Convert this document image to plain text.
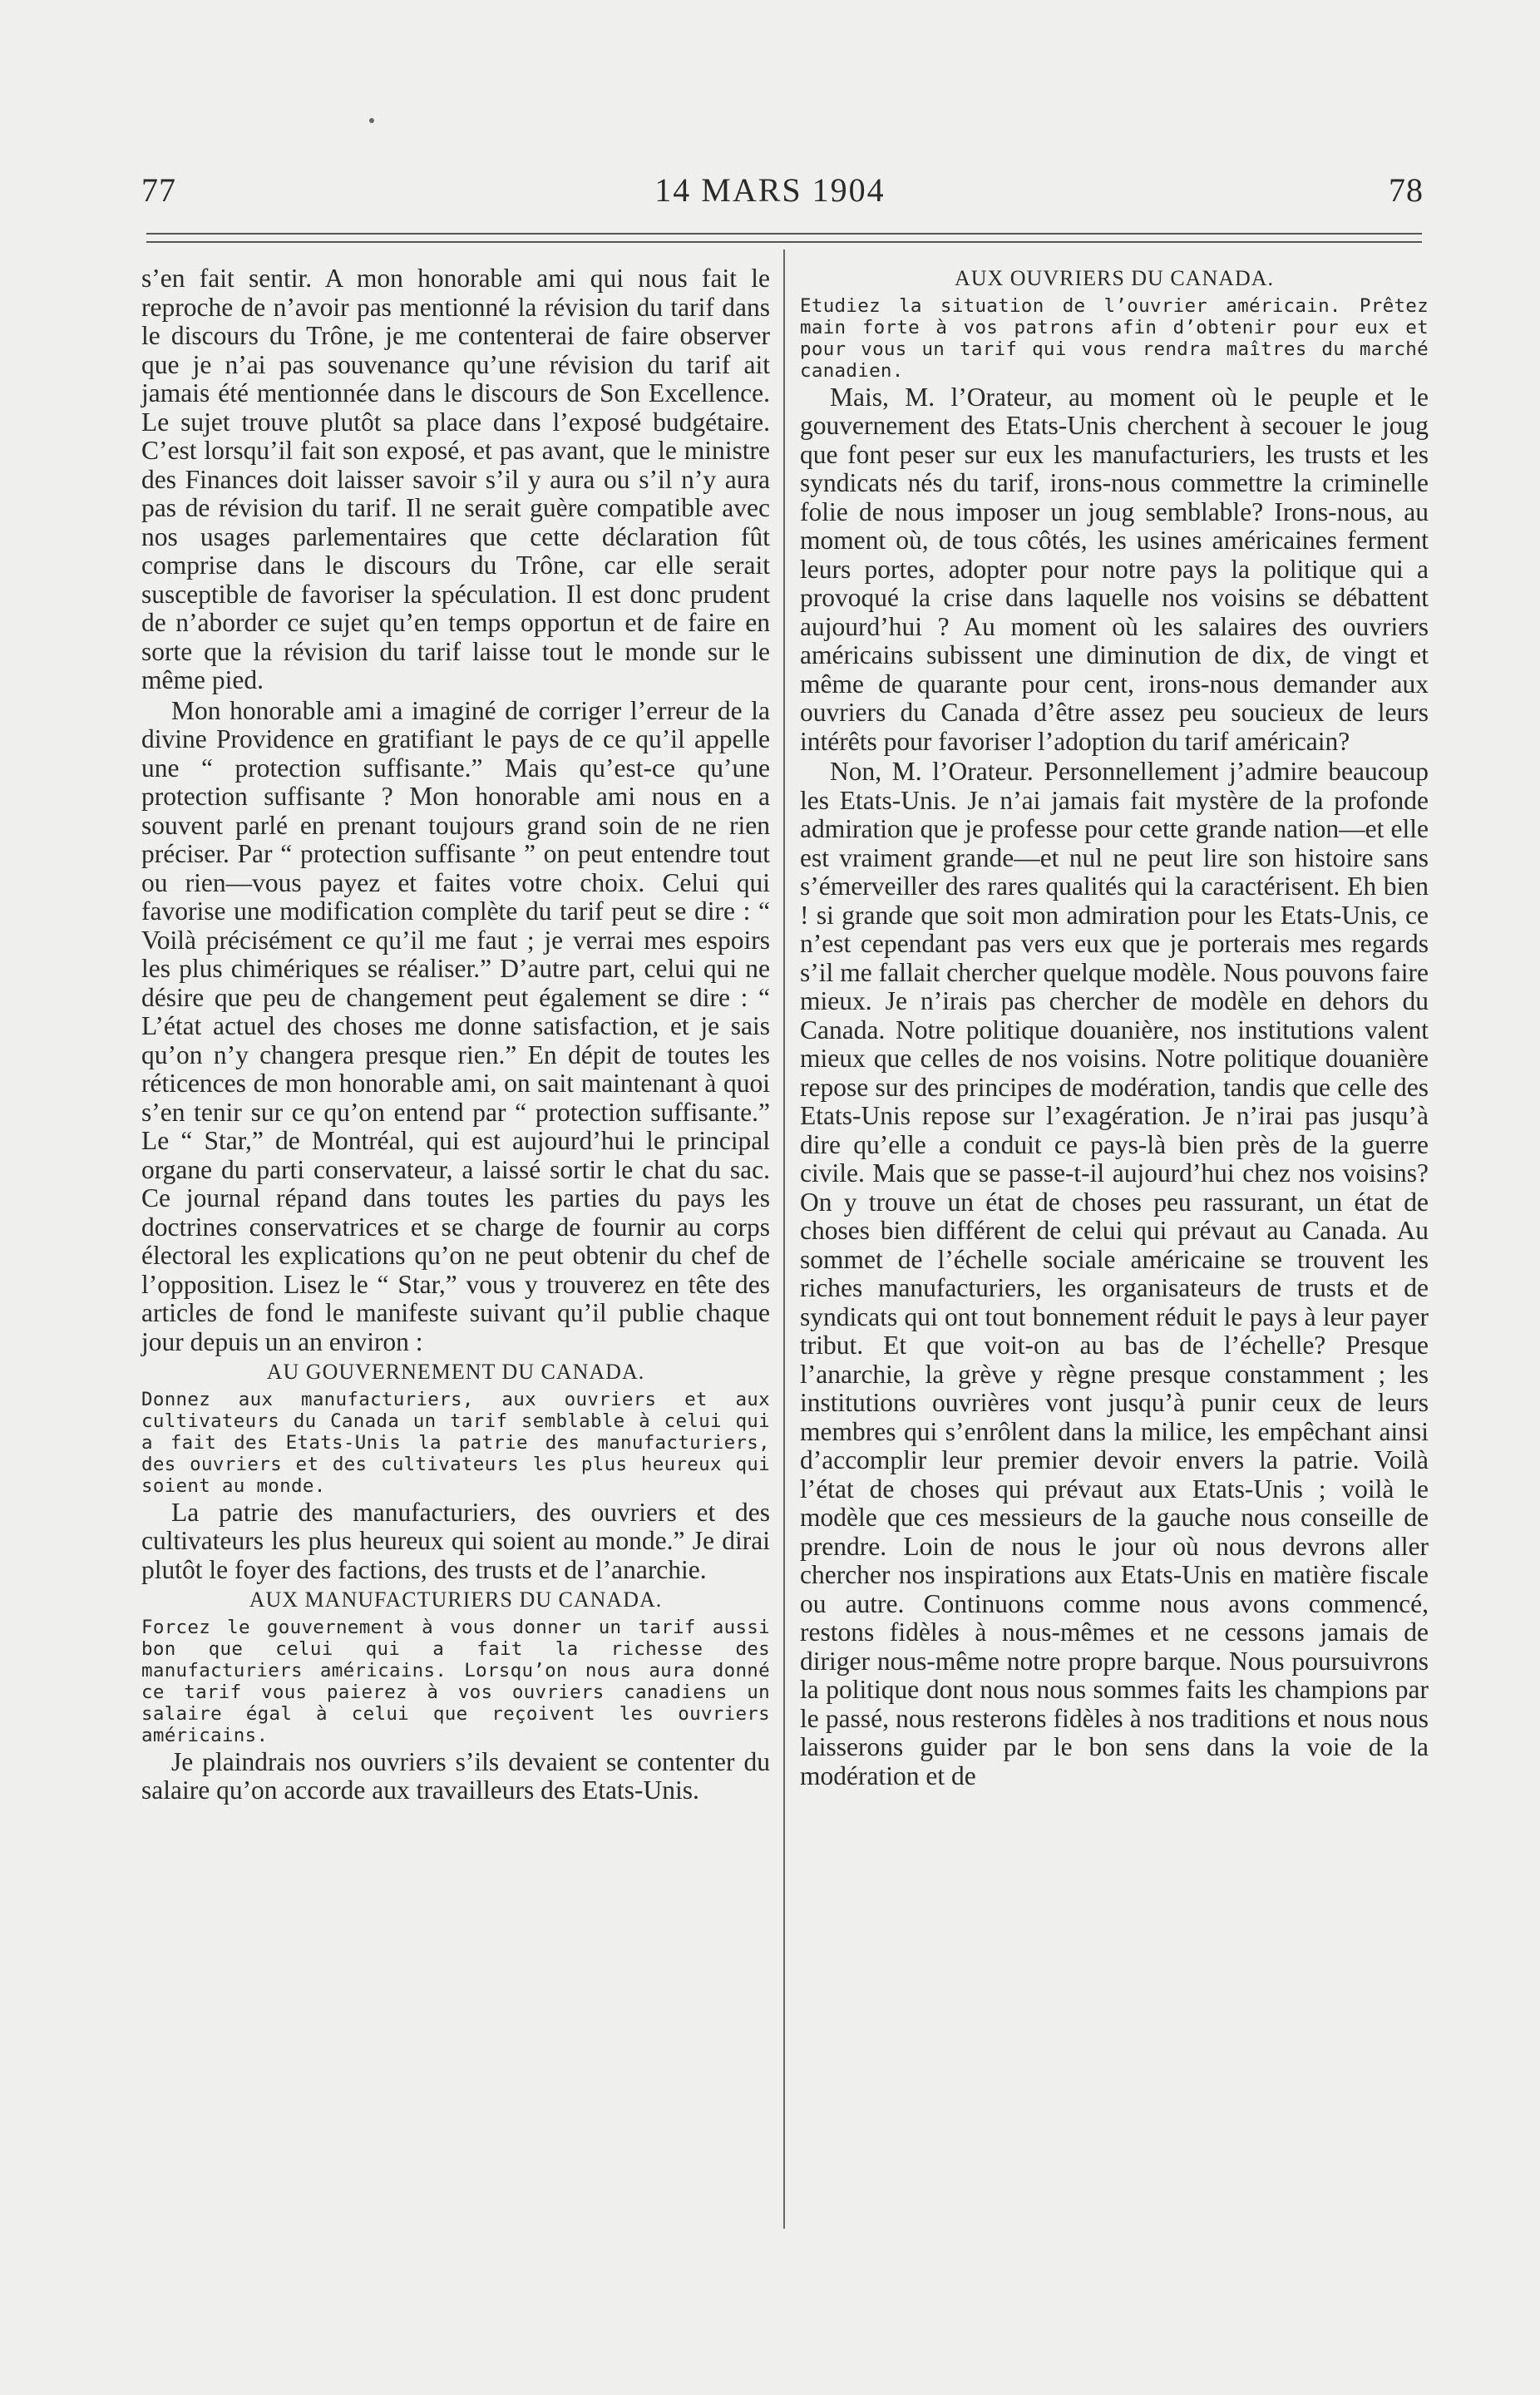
77	14 MARS 1904	78

s’en fait sentir. A mon honorable ami qui nous fait le reproche de n’avoir pas mentionné la révision du tarif dans le discours du Trône, je me contenterai de faire observer que je n’ai pas souvenance qu’une révision du tarif ait jamais été mentionnée dans le discours de Son Excellence. Le sujet trouve plutôt sa place dans l’exposé budgétaire. C’est lorsqu’il fait son exposé, et pas avant, que le ministre des Finances doit laisser savoir s’il y aura ou s’il n’y aura pas de révision du tarif. Il ne serait guère compatible avec nos usages parlementaires que cette déclaration fût comprise dans le discours du Trône, car elle serait susceptible de favoriser la spéculation. Il est donc prudent de n’aborder ce sujet qu’en temps opportun et de faire en sorte que la révision du tarif laisse tout le monde sur le même pied.

Mon honorable ami a imaginé de corriger l’erreur de la divine Providence en gratifiant le pays de ce qu’il appelle une “ protection suffisante.” Mais qu’est-ce qu’une protection suffisante ? Mon honorable ami nous en a souvent parlé en prenant toujours grand soin de ne rien préciser. Par “ protection suffisante ” on peut entendre tout ou rien—vous payez et faites votre choix. Celui qui favorise une modification complète du tarif peut se dire : “ Voilà précisément ce qu’il me faut ; je verrai mes espoirs les plus chimériques se réaliser.” D’autre part, celui qui ne désire que peu de changement peut également se dire : “ L’état actuel des choses me donne satisfaction, et je sais qu’on n’y changera presque rien.” En dépit de toutes les réticences de mon honorable ami, on sait maintenant à quoi s’en tenir sur ce qu’on entend par “ protection suffisante.” Le “ Star,” de Montréal, qui est aujourd’hui le principal organe du parti conservateur, a laissé sortir le chat du sac. Ce journal répand dans toutes les parties du pays les doctrines conservatrices et se charge de fournir au corps électoral les explications qu’on ne peut obtenir du chef de l’opposition. Lisez le “ Star,” vous y trouverez en tête des articles de fond le manifeste suivant qu’il publie chaque jour depuis un an environ :

AU GOUVERNEMENT DU CANADA.

Donnez aux manufacturiers, aux ouvriers et aux cultivateurs du Canada un tarif semblable à celui qui a fait des Etats-Unis la patrie des manufacturiers, des ouvriers et des cultivateurs les plus heureux qui soient au monde.

La patrie des manufacturiers, des ouvriers et des cultivateurs les plus heureux qui soient au monde.” Je dirai plutôt le foyer des factions, des trusts et de l’anarchie.

AUX MANUFACTURIERS DU CANADA.

Forcez le gouvernement à vous donner un tarif aussi bon que celui qui a fait la richesse des manufacturiers américains. Lorsqu’on nous aura donné ce tarif vous paierez à vos ouvriers canadiens un salaire égal à celui que reçoivent les ouvriers américains.

Je plaindrais nos ouvriers s’ils devaient se contenter du salaire qu’on accorde aux travailleurs des Etats-Unis.

AUX OUVRIERS DU CANADA.

Etudiez la situation de l’ouvrier américain. Prêtez main forte à vos patrons afin d’obtenir pour eux et pour vous un tarif qui vous rendra maîtres du marché canadien.

Mais, M. l’Orateur, au moment où le peuple et le gouvernement des Etats-Unis cherchent à secouer le joug que font peser sur eux les manufacturiers, les trusts et les syndicats nés du tarif, irons-nous commettre la criminelle folie de nous imposer un joug semblable? Irons-nous, au moment où, de tous côtés, les usines américaines ferment leurs portes, adopter pour notre pays la politique qui a provoqué la crise dans laquelle nos voisins se débattent aujourd’hui ? Au moment où les salaires des ouvriers américains subissent une diminution de dix, de vingt et même de quarante pour cent, irons-nous demander aux ouvriers du Canada d’être assez peu soucieux de leurs intérêts pour favoriser l’adoption du tarif américain?

Non, M. l’Orateur. Personnellement j’admire beaucoup les Etats-Unis. Je n’ai jamais fait mystère de la profonde admiration que je professe pour cette grande nation—et elle est vraiment grande—et nul ne peut lire son histoire sans s’émerveiller des rares qualités qui la caractérisent. Eh bien ! si grande que soit mon admiration pour les Etats-Unis, ce n’est cependant pas vers eux que je porterais mes regards s’il me fallait chercher quelque modèle. Nous pouvons faire mieux. Je n’irais pas chercher de modèle en dehors du Canada. Notre politique douanière, nos institutions valent mieux que celles de nos voisins. Notre politique douanière repose sur des principes de modération, tandis que celle des Etats-Unis repose sur l’exagération. Je n’irai pas jusqu’à dire qu’elle a conduit ce pays-là bien près de la guerre civile. Mais que se passe-t-il aujourd’hui chez nos voisins? On y trouve un état de choses peu rassurant, un état de choses bien différent de celui qui prévaut au Canada. Au sommet de l’échelle sociale américaine se trouvent les riches manufacturiers, les organisateurs de trusts et de syndicats qui ont tout bonnement réduit le pays à leur payer tribut. Et que voit-on au bas de l’échelle? Presque l’anarchie, la grève y règne presque constamment ; les institutions ouvrières vont jusqu’à punir ceux de leurs membres qui s’enrôlent dans la milice, les empêchant ainsi d’accomplir leur premier devoir envers la patrie. Voilà l’état de choses qui prévaut aux Etats-Unis ; voilà le modèle que ces messieurs de la gauche nous conseille de prendre. Loin de nous le jour où nous devrons aller chercher nos inspirations aux Etats-Unis en matière fiscale ou autre. Continuons comme nous avons commencé, restons fidèles à nous-mêmes et ne cessons jamais de diriger nous-même notre propre barque. Nous poursuivrons la politique dont nous nous sommes faits les champions par le passé, nous resterons fidèles à nos traditions et nous nous laisserons guider par le bon sens dans la voie de la modération et de
